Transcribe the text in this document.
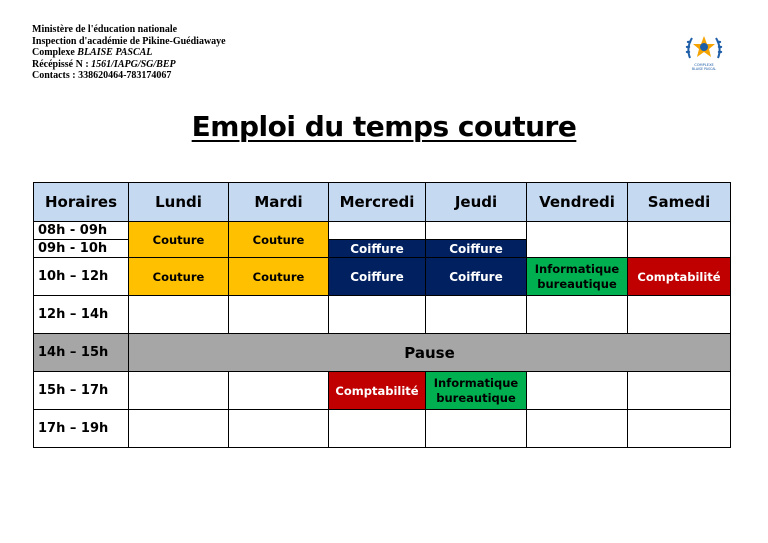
Ministère de l'éducation nationale
Inspection d'académie de Pikine-Guédiawaye
Complexe BLAISE PASCAL
Récépissé N : 1561/IAPG/SG/BEP
Contacts : 338620464-783174067
COMPLEXE
BLAISE PASCAL
Emploi du temps couture
Horaires	Lundi	Mardi	Mercredi	Jeudi	Vendredi	Samedi
08h - 09h	Couture	Couture				
09h - 10h			Coiffure	Coiffure		
10h – 12h	Couture	Couture	Coiffure	Coiffure	Informatique bureautique	Comptabilité
12h – 14h						
14h – 15h	Pause					
15h – 17h			Comptabilité	Informatique bureautique		
17h – 19h						
